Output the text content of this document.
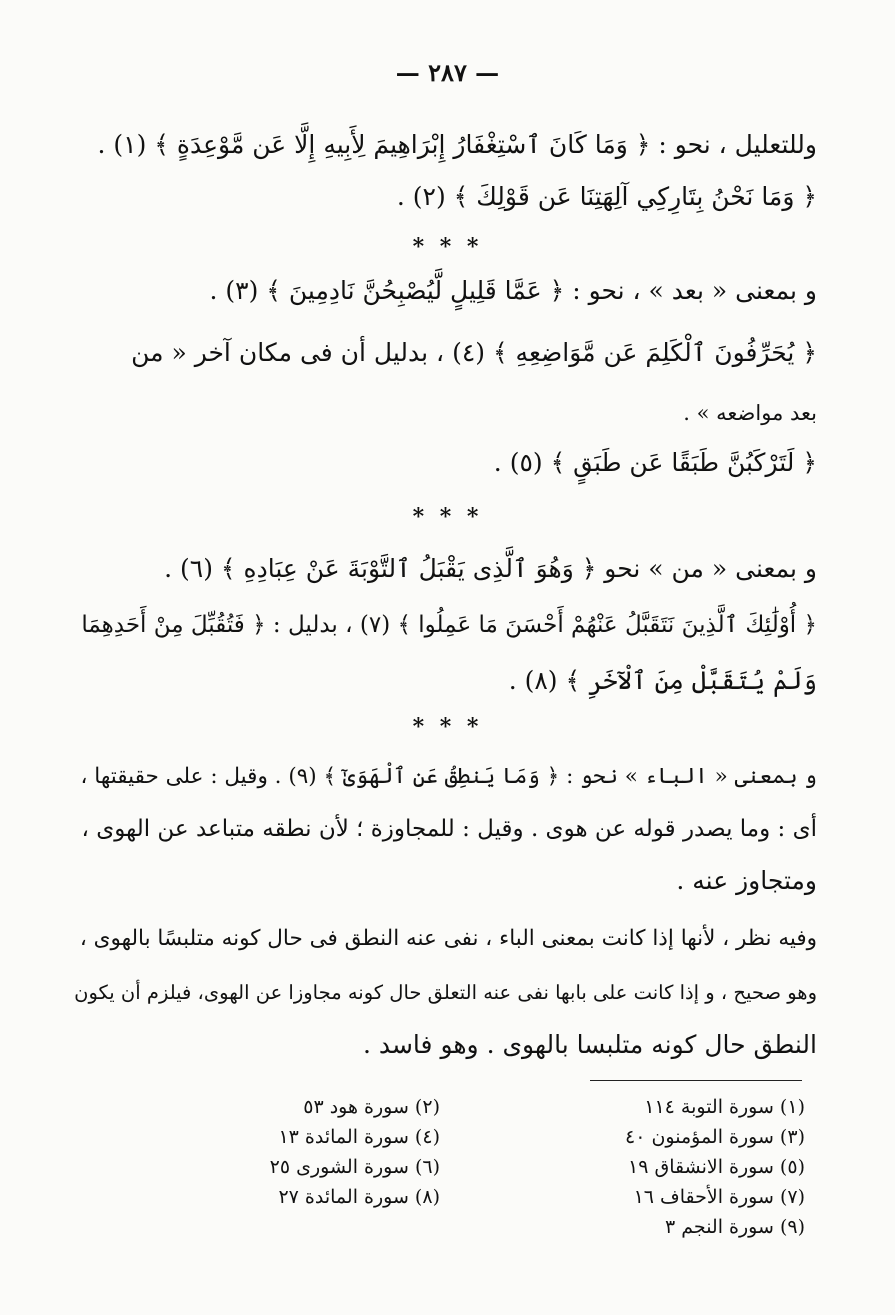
— ٢٨٧ —
وللتعليل ، نحو : ﴿ وَمَا كَانَ ٱسْتِغْفَارُ إِبْرَاهِيمَ لِأَبِيهِ إِلَّا عَن مَّوْعِدَةٍ ﴾ (١) .
﴿ وَمَا نَحْنُ بِتَارِكِي آلِهَتِنَا عَن قَوْلِكَ ﴾ (٢) .
* * *
و بمعنى « بعد » ، نحو : ﴿ عَمَّا قَلِيلٍ لَّيُصْبِحُنَّ نَادِمِينَ ﴾ (٣) .
﴿ يُحَرِّفُونَ ٱلْكَلِمَ عَن مَّوَاضِعِهِ ﴾ (٤) ، بدليل أن فى مكان آخر « من
بعد مواضعه » .
﴿ لَتَرْكَبُنَّ طَبَقًا عَن طَبَقٍ ﴾ (٥) .
* * *
و بمعنى « من » نحو ﴿ وَهُوَ ٱلَّذِى يَقْبَلُ ٱلتَّوْبَةَ عَنْ عِبَادِهِ ﴾ (٦) .
﴿ أُوْلَٰئِكَ ٱلَّذِينَ نَتَقَبَّلُ عَنْهُمْ أَحْسَنَ مَا عَمِلُوا ﴾ (٧) ، بدليل : ﴿ فَتُقُبِّلَ مِنْ أَحَدِهِمَا
وَلَمْ يُتَقَبَّلْ مِنَ ٱلْآخَرِ ﴾ (٨) .
* * *
و بمعنى « الباء » نحو : ﴿ وَمَا يَنطِقُ عَنِ ٱلْهَوَىٰٓ ﴾ (٩) . وقيل : على حقيقتها ،
أى : وما يصدر قوله عن هوى . وقيل : للمجاوزة ؛ لأن نطقه متباعد عن الهوى ،
ومتجاوز عنه .
وفيه نظر ، لأنها إذا كانت بمعنى الباء ، نفى عنه النطق فى حال كونه متلبسًا بالهوى ،
وهو صحيح ، و إذا كانت على بابها نفى عنه التعلق حال كونه مجاوزا عن الهوى، فيلزم أن يكون
النطق حال كونه متلبسا بالهوى . وهو فاسد .
(١) سورة التوبة ١١٤
(٢) سورة هود ٥٣
(٣) سورة المؤمنون ٤٠
(٤) سورة المائدة ١٣
(٥) سورة الانشقاق ١٩
(٦) سورة الشورى ٢٥
(٧) سورة الأحقاف ١٦
(٨) سورة المائدة ٢٧
(٩) سورة النجم ٣
